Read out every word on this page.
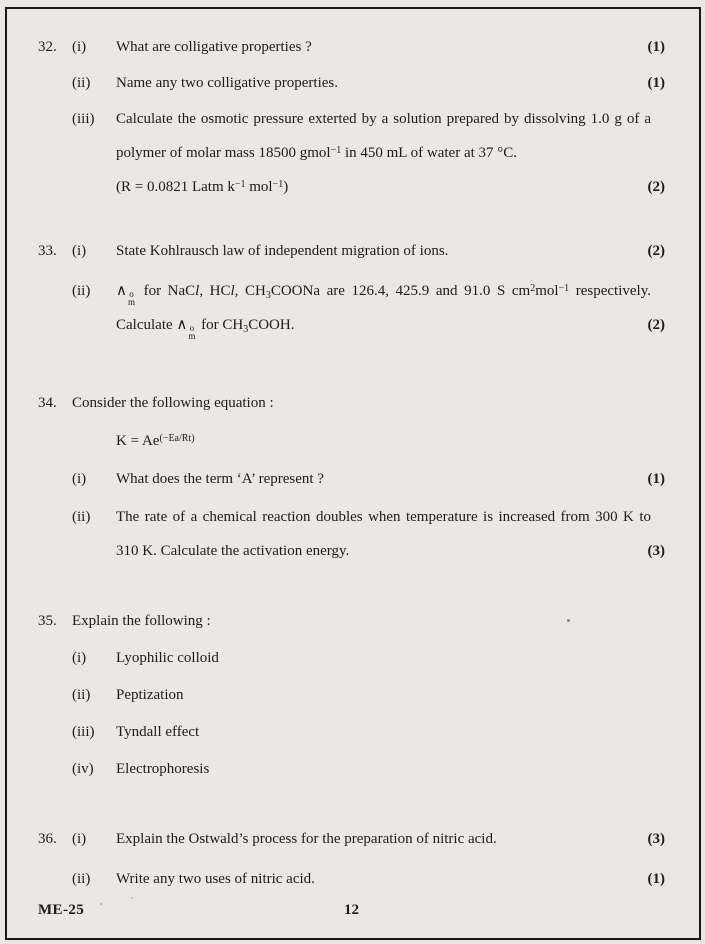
32.	(i)	What are colligative properties ?	(1)
(ii)	Name any two colligative properties.	(1)
(iii)	Calculate the osmotic pressure exterted by a solution prepared by dissolving 1.0 g of a polymer of molar mass 18500 gmol$^{-1}$ in 450 mL of water at 37 °C.
(R = 0.0821 Latm $k^{-1}$ mol$^{-1}$)	(2)
33.	(i)	State Kohlrausch law of independent migration of ions.	(2)
(ii)	∧ o
m
for NaCl, HCl, $CH_3COONa$ are 126.4, 425.9 and 91.0 S $cm^2mol^{-1}$ respectively. Calculate ∧ o
m
for $CH_3COOH$.	(2)
34.	Consider the following equation :
$K = Ae^{(-Ea/Rt)}$
(i)	What does the term ‘A’ represent ?	(1)
(ii)	The rate of a chemical reaction doubles when temperature is increased from 300 K to 310 K. Calculate the activation energy.	(3)
35.	Explain the following :
(i)	Lyophilic colloid
(ii)	Peptization
(iii)	Tyndall effect
(iv)	Electrophoresis
36.	(i)	Explain the Ostwald’s process for the preparation of nitric acid.	(3)
(ii)	Write any two uses of nitric acid.	(1)
ME-25	12
